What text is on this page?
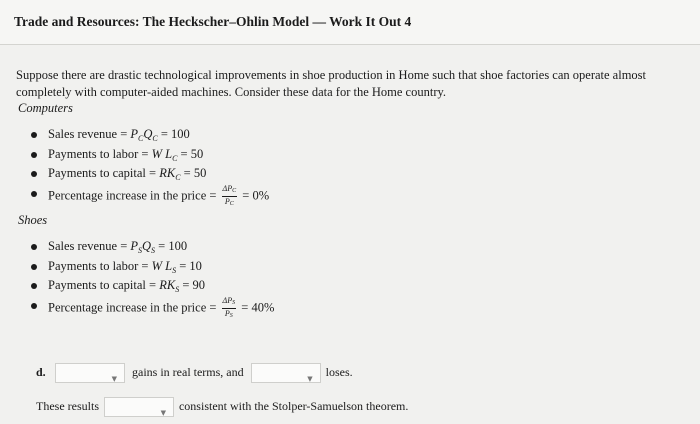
Trade and Resources: The Heckscher–Ohlin Model — Work It Out 4
Suppose there are drastic technological improvements in shoe production in Home such that shoe factories can operate almost completely with computer-aided machines. Consider these data for the Home country.
Computers
Sales revenue = $P_CQ_C = 100$
Payments to labor = W $L_C = 50$
Payments to capital = $RK_C = 50$
Percentage increase in the price = $\frac{\text{ΔPC}}{PC} = 0\%$
Shoes
Sales revenue = $P_SQ_S = 100$
Payments to labor = W $L_S = 10$
Payments to capital = $RK_S = 90$
Percentage increase in the price = $\frac{\text{ΔPS}}{PS} = 40\%$
d.
▼
gains in real terms, and
▼
loses.
These results
▼
consistent with the Stolper-Samuelson theorem.
